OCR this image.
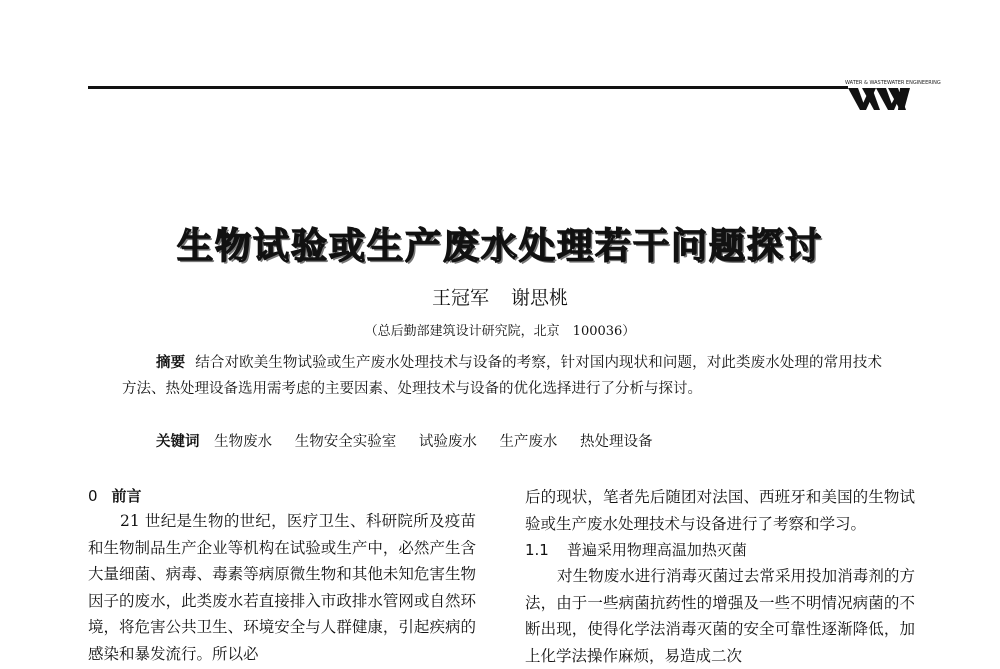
WATER & WASTEWATER ENGINEERING
生物试验或生产废水处理若干问题探讨
王冠军 谢思桃
（总后勤部建筑设计研究院，北京　100036）
摘要 结合对欧美生物试验或生产废水处理技术与设备的考察，针对国内现状和问题，对此类废水处理的常用技术方法、热处理设备选用需考虑的主要因素、处理技术与设备的优化选择进行了分析与探讨。
关键词 生物废水 生物安全实验室 试验废水 生产废水 热处理设备

0 前言

21 世纪是生物的世纪，医疗卫生、科研院所及疫苗和生物制品生产企业等机构在试验或生产中，必然产生含大量细菌、病毒、毒素等病原微生物和其他未知危害生物因子的废水，此类废水若直接排入市政排水管网或自然环境，将危害公共卫生、环境安全与人群健康，引起疾病的感染和暴发流行。所以必

后的现状，笔者先后随团对法国、西班牙和美国的生物试验或生产废水处理技术与设备进行了考察和学习。

1.1 普遍采用物理高温加热灭菌

对生物废水进行消毒灭菌过去常采用投加消毒剂的方法，由于一些病菌抗药性的增强及一些不明情况病菌的不断出现，使得化学法消毒灭菌的安全可靠性逐渐降低，加上化学法操作麻烦，易造成二次
